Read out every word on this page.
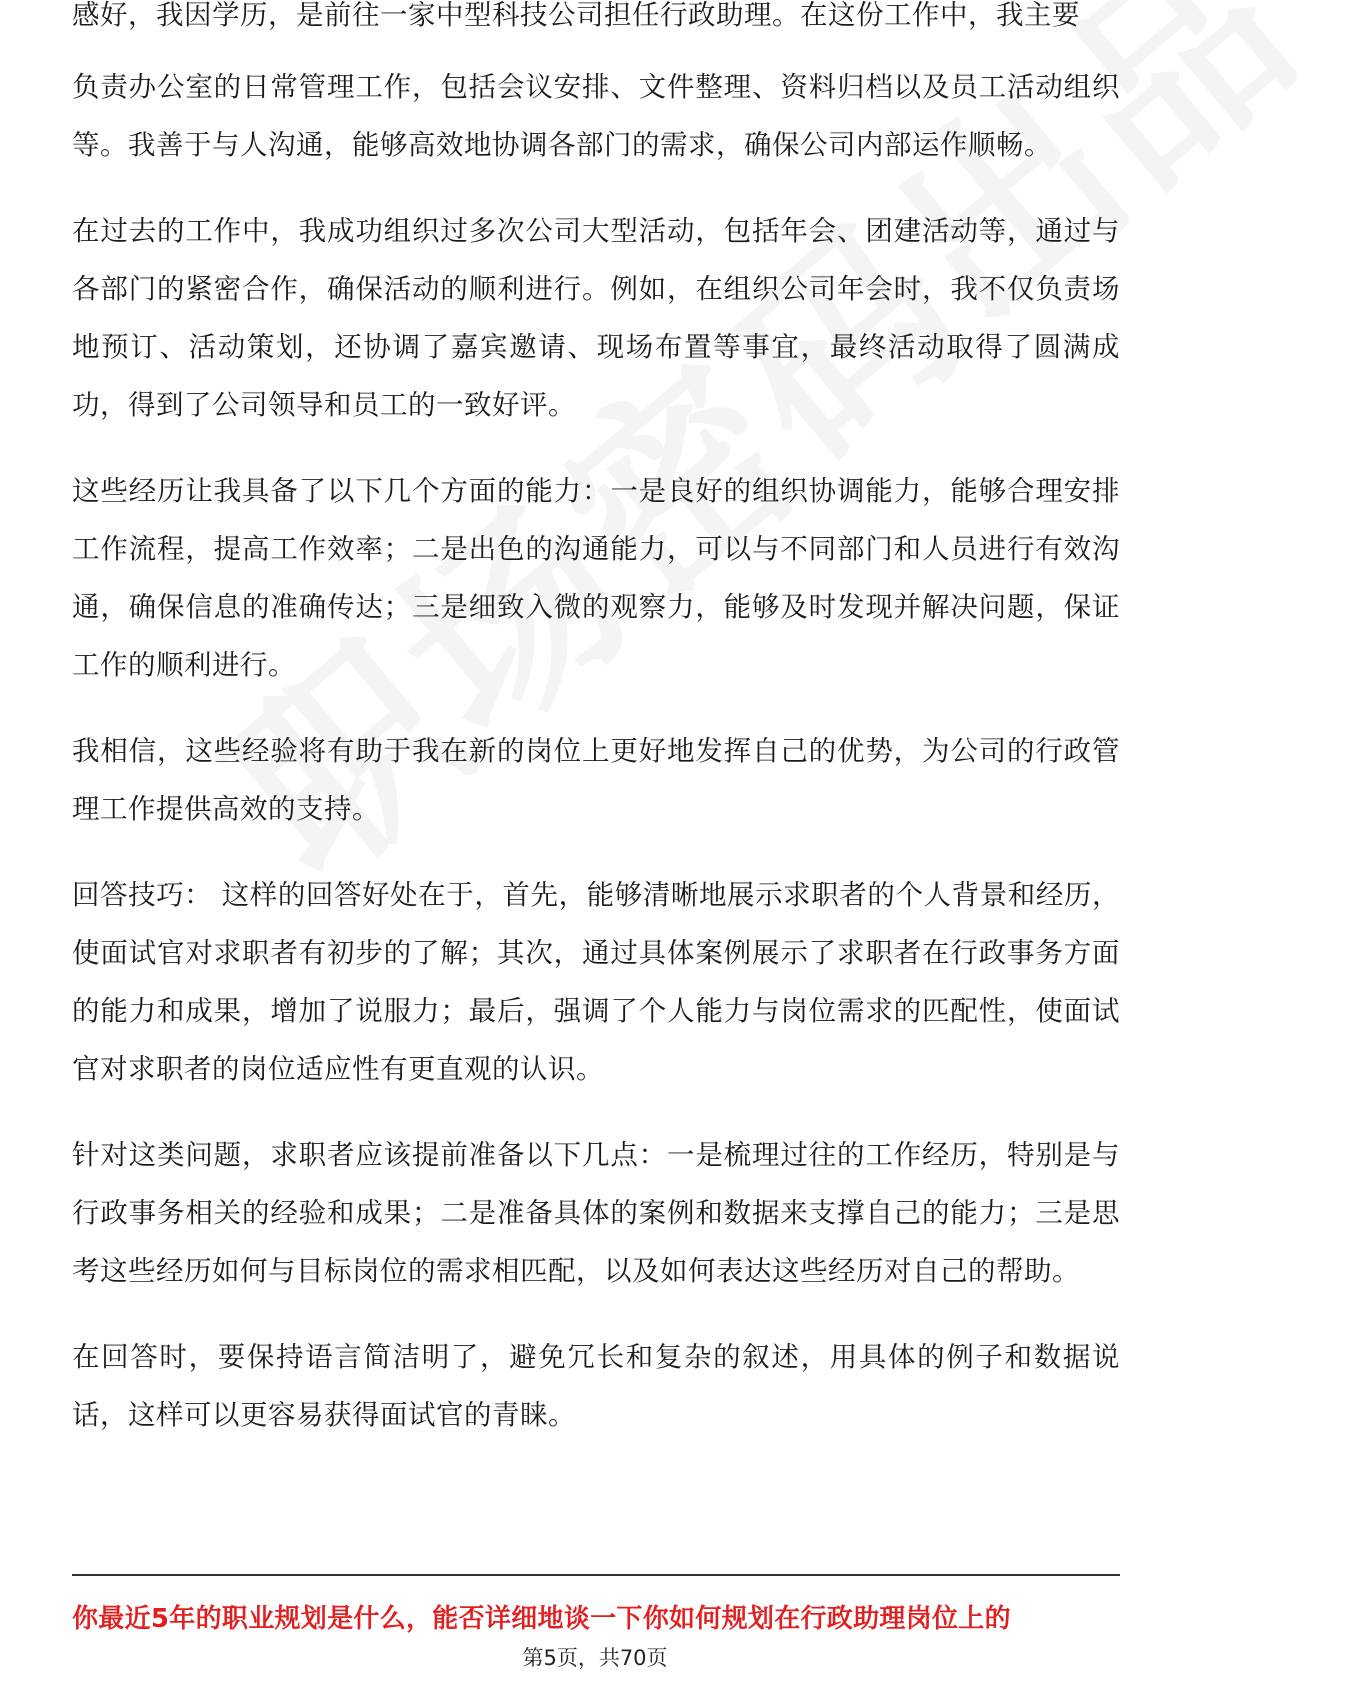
感好，我因学历，是前往一家中型科技公司担任行政助理。在这份工作中，我主要

负责办公室的日常管理工作，包括会议安排、文件整理、资料归档以及员工活动组织等。我善于与人沟通，能够高效地协调各部门的需求，确保公司内部运作顺畅。

在过去的工作中，我成功组织过多次公司大型活动，包括年会、团建活动等，通过与各部门的紧密合作，确保活动的顺利进行。例如，在组织公司年会时，我不仅负责场地预订、活动策划，还协调了嘉宾邀请、现场布置等事宜，最终活动取得了圆满成功，得到了公司领导和员工的一致好评。

这些经历让我具备了以下几个方面的能力：一是良好的组织协调能力，能够合理安排工作流程，提高工作效率；二是出色的沟通能力，可以与不同部门和人员进行有效沟通，确保信息的准确传达；三是细致入微的观察力，能够及时发现并解决问题，保证工作的顺利进行。

我相信，这些经验将有助于我在新的岗位上更好地发挥自己的优势，为公司的行政管理工作提供高效的支持。

回答技巧： 这样的回答好处在于，首先，能够清晰地展示求职者的个人背景和经历，使面试官对求职者有初步的了解；其次，通过具体案例展示了求职者在行政事务方面的能力和成果，增加了说服力；最后，强调了个人能力与岗位需求的匹配性，使面试官对求职者的岗位适应性有更直观的认识。

针对这类问题，求职者应该提前准备以下几点：一是梳理过往的工作经历，特别是与行政事务相关的经验和成果；二是准备具体的案例和数据来支撑自己的能力；三是思考这些经历如何与目标岗位的需求相匹配，以及如何表达这些经历对自己的帮助。

在回答时，要保持语言简洁明了，避免冗长和复杂的叙述，用具体的例子和数据说话，这样可以更容易获得面试官的青睐。

你最近5年的职业规划是什么，能否详细地谈一下你如何规划在行政助理岗位上的
第5页，共70页
